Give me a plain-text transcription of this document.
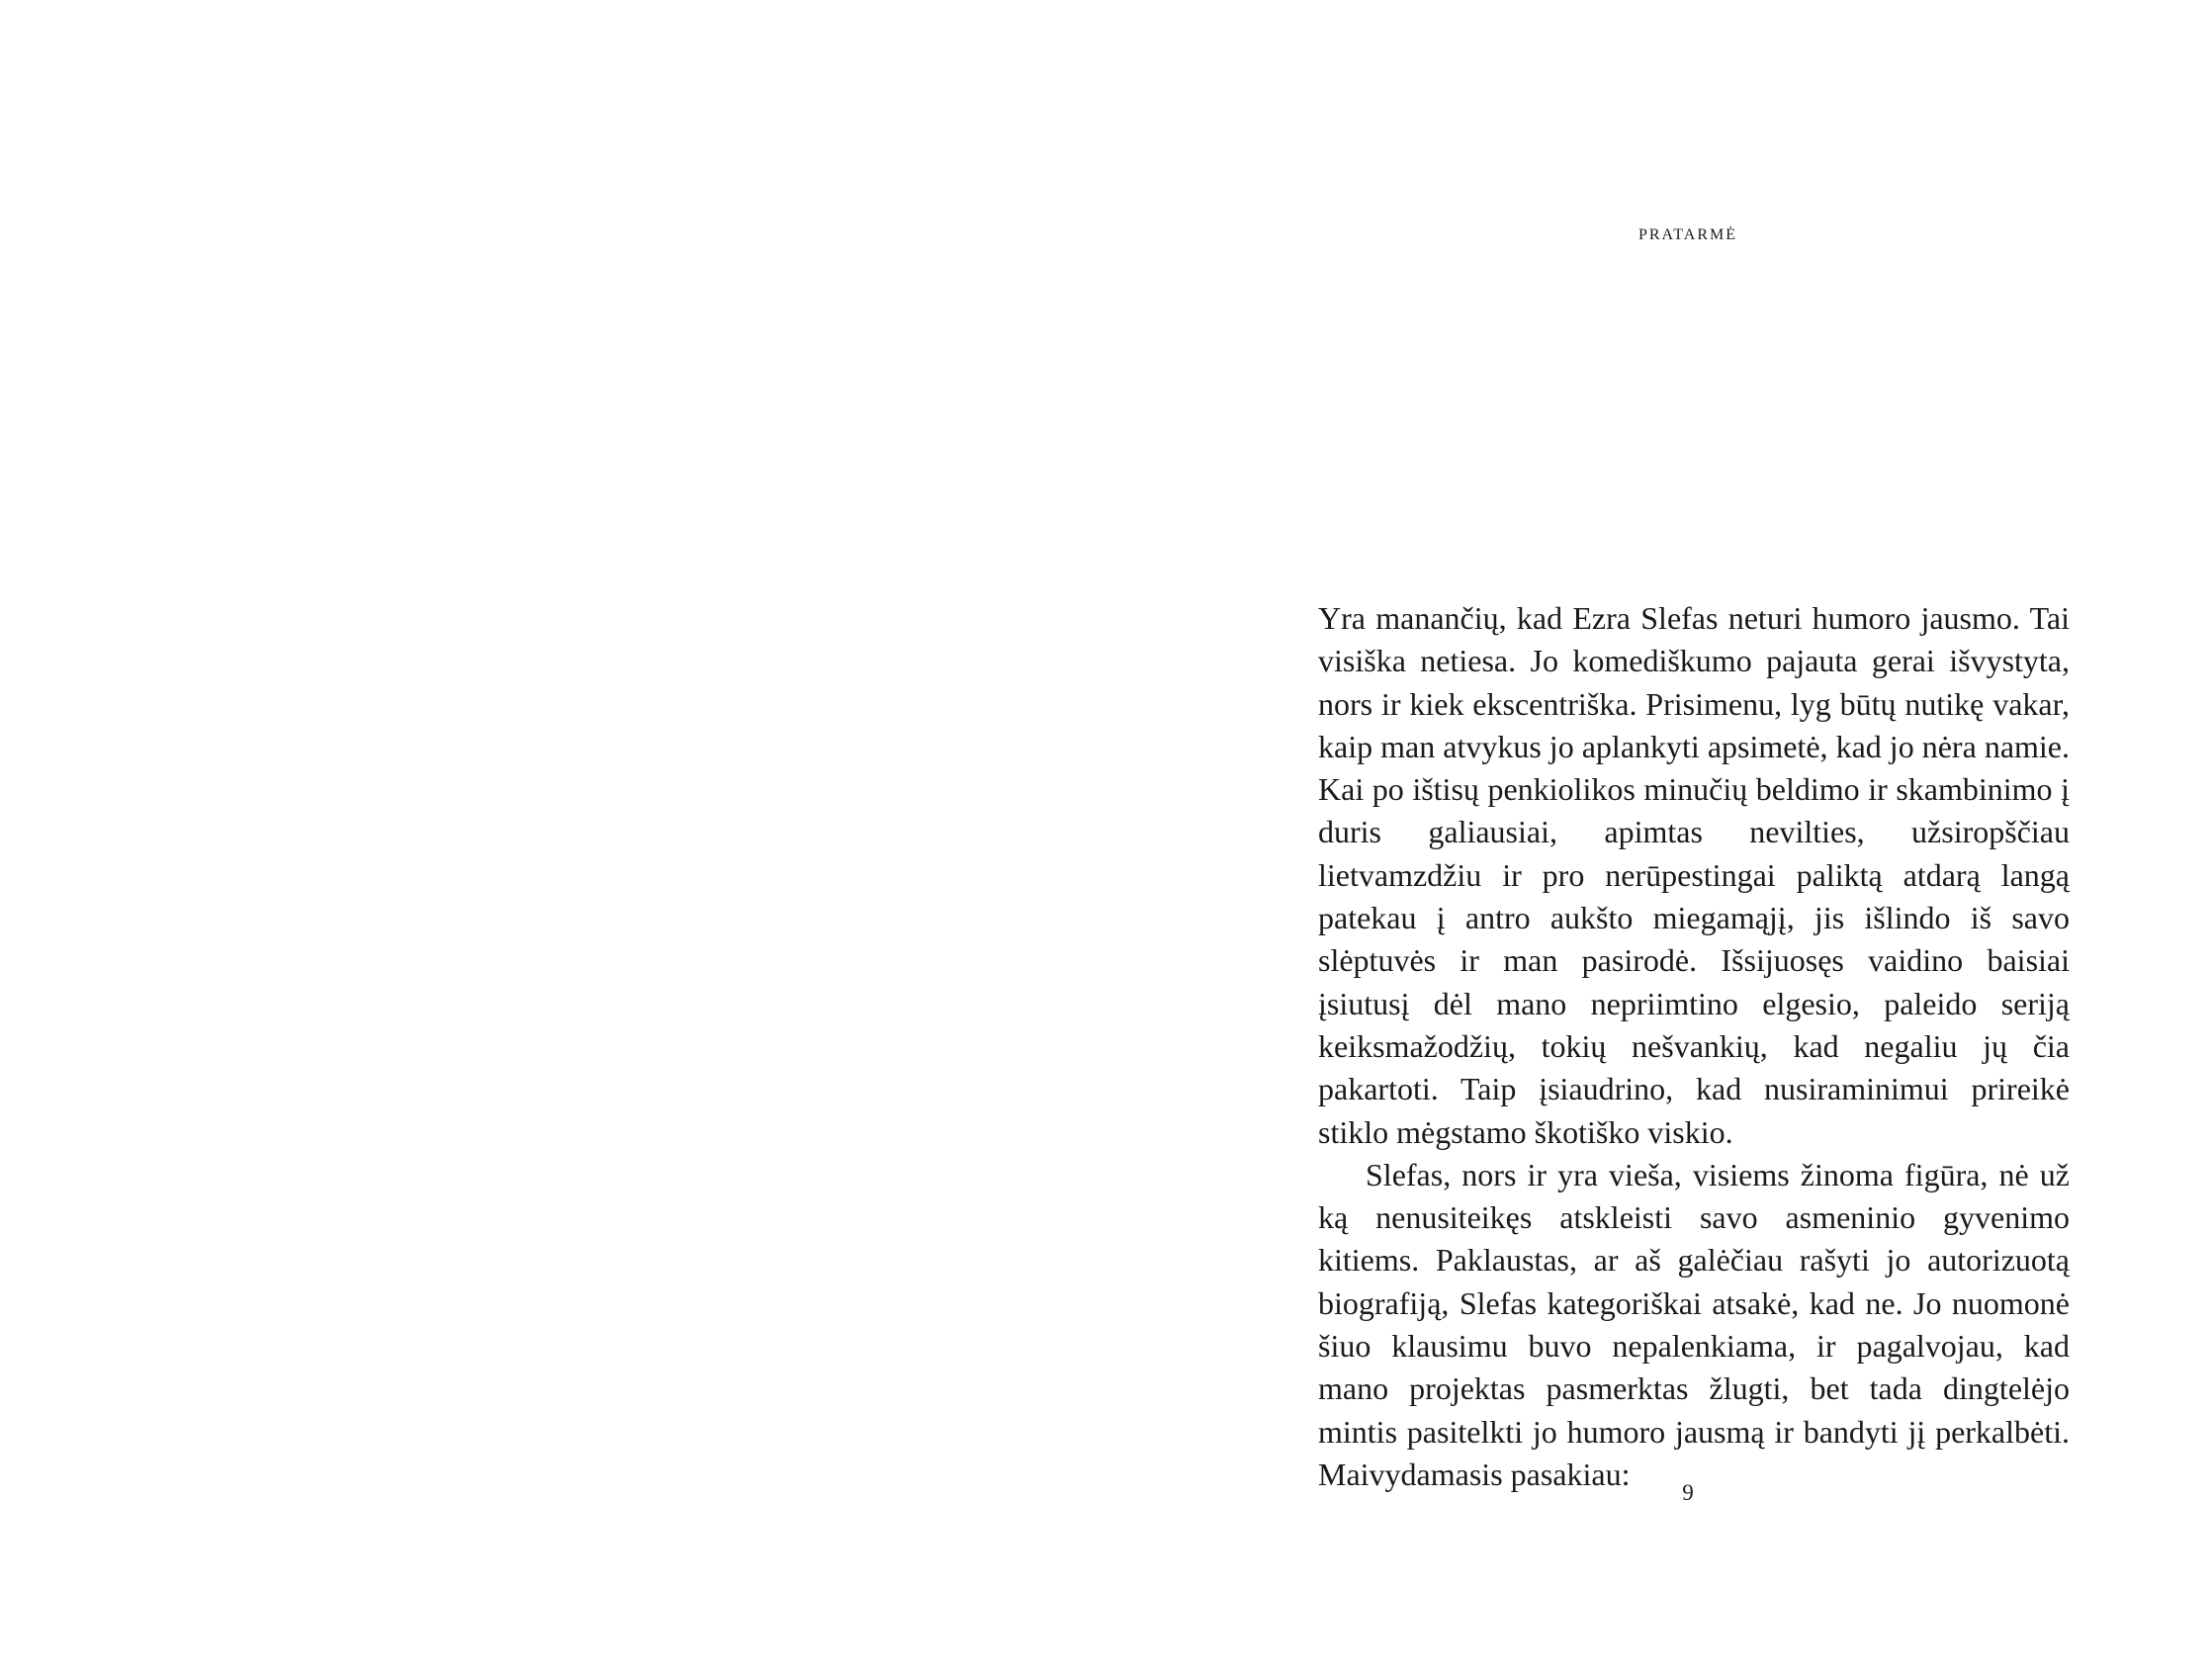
pratarmė

Yra manančių, kad Ezra Slefas neturi humoro jausmo. Tai visiška netiesa. Jo komediškumo pajauta gerai išvystyta, nors ir kiek ekscentriška. Prisimenu, lyg būtų nutikę vakar, kaip man atvykus jo aplankyti apsimetė, kad jo nėra namie. Kai po ištisų penkiolikos minučių beldimo ir skambinimo į duris galiausiai, apimtas nevilties, užsiropščiau lietvamzdžiu ir pro nerūpestingai paliktą atdarą langą patekau į antro aukšto miegamąjį, jis išlindo iš savo slėptuvės ir man pasirodė. Išsijuosęs vaidino baisiai įsiutusį dėl mano nepriimtino elgesio, paleido seriją keiksmažodžių, tokių nešvankių, kad negaliu jų čia pakartoti. Taip įsiaudrino, kad nusiraminimui prireikė stiklo mėgstamo škotiško viskio.

Slefas, nors ir yra vieša, visiems žinoma figūra, nė už ką nenusiteikęs atskleisti savo asmeninio gyvenimo kitiems. Paklaustas, ar aš galėčiau rašyti jo autorizuotą biografiją, Slefas kategoriškai atsakė, kad ne. Jo nuomonė šiuo klausimu buvo nepalenkiama, ir pagalvojau, kad mano projektas pasmerktas žlugti, bet tada dingtelėjo mintis pasitelkti jo humoro jausmą ir bandyti jį perkalbėti. Maivydamasis pasakiau:

9
